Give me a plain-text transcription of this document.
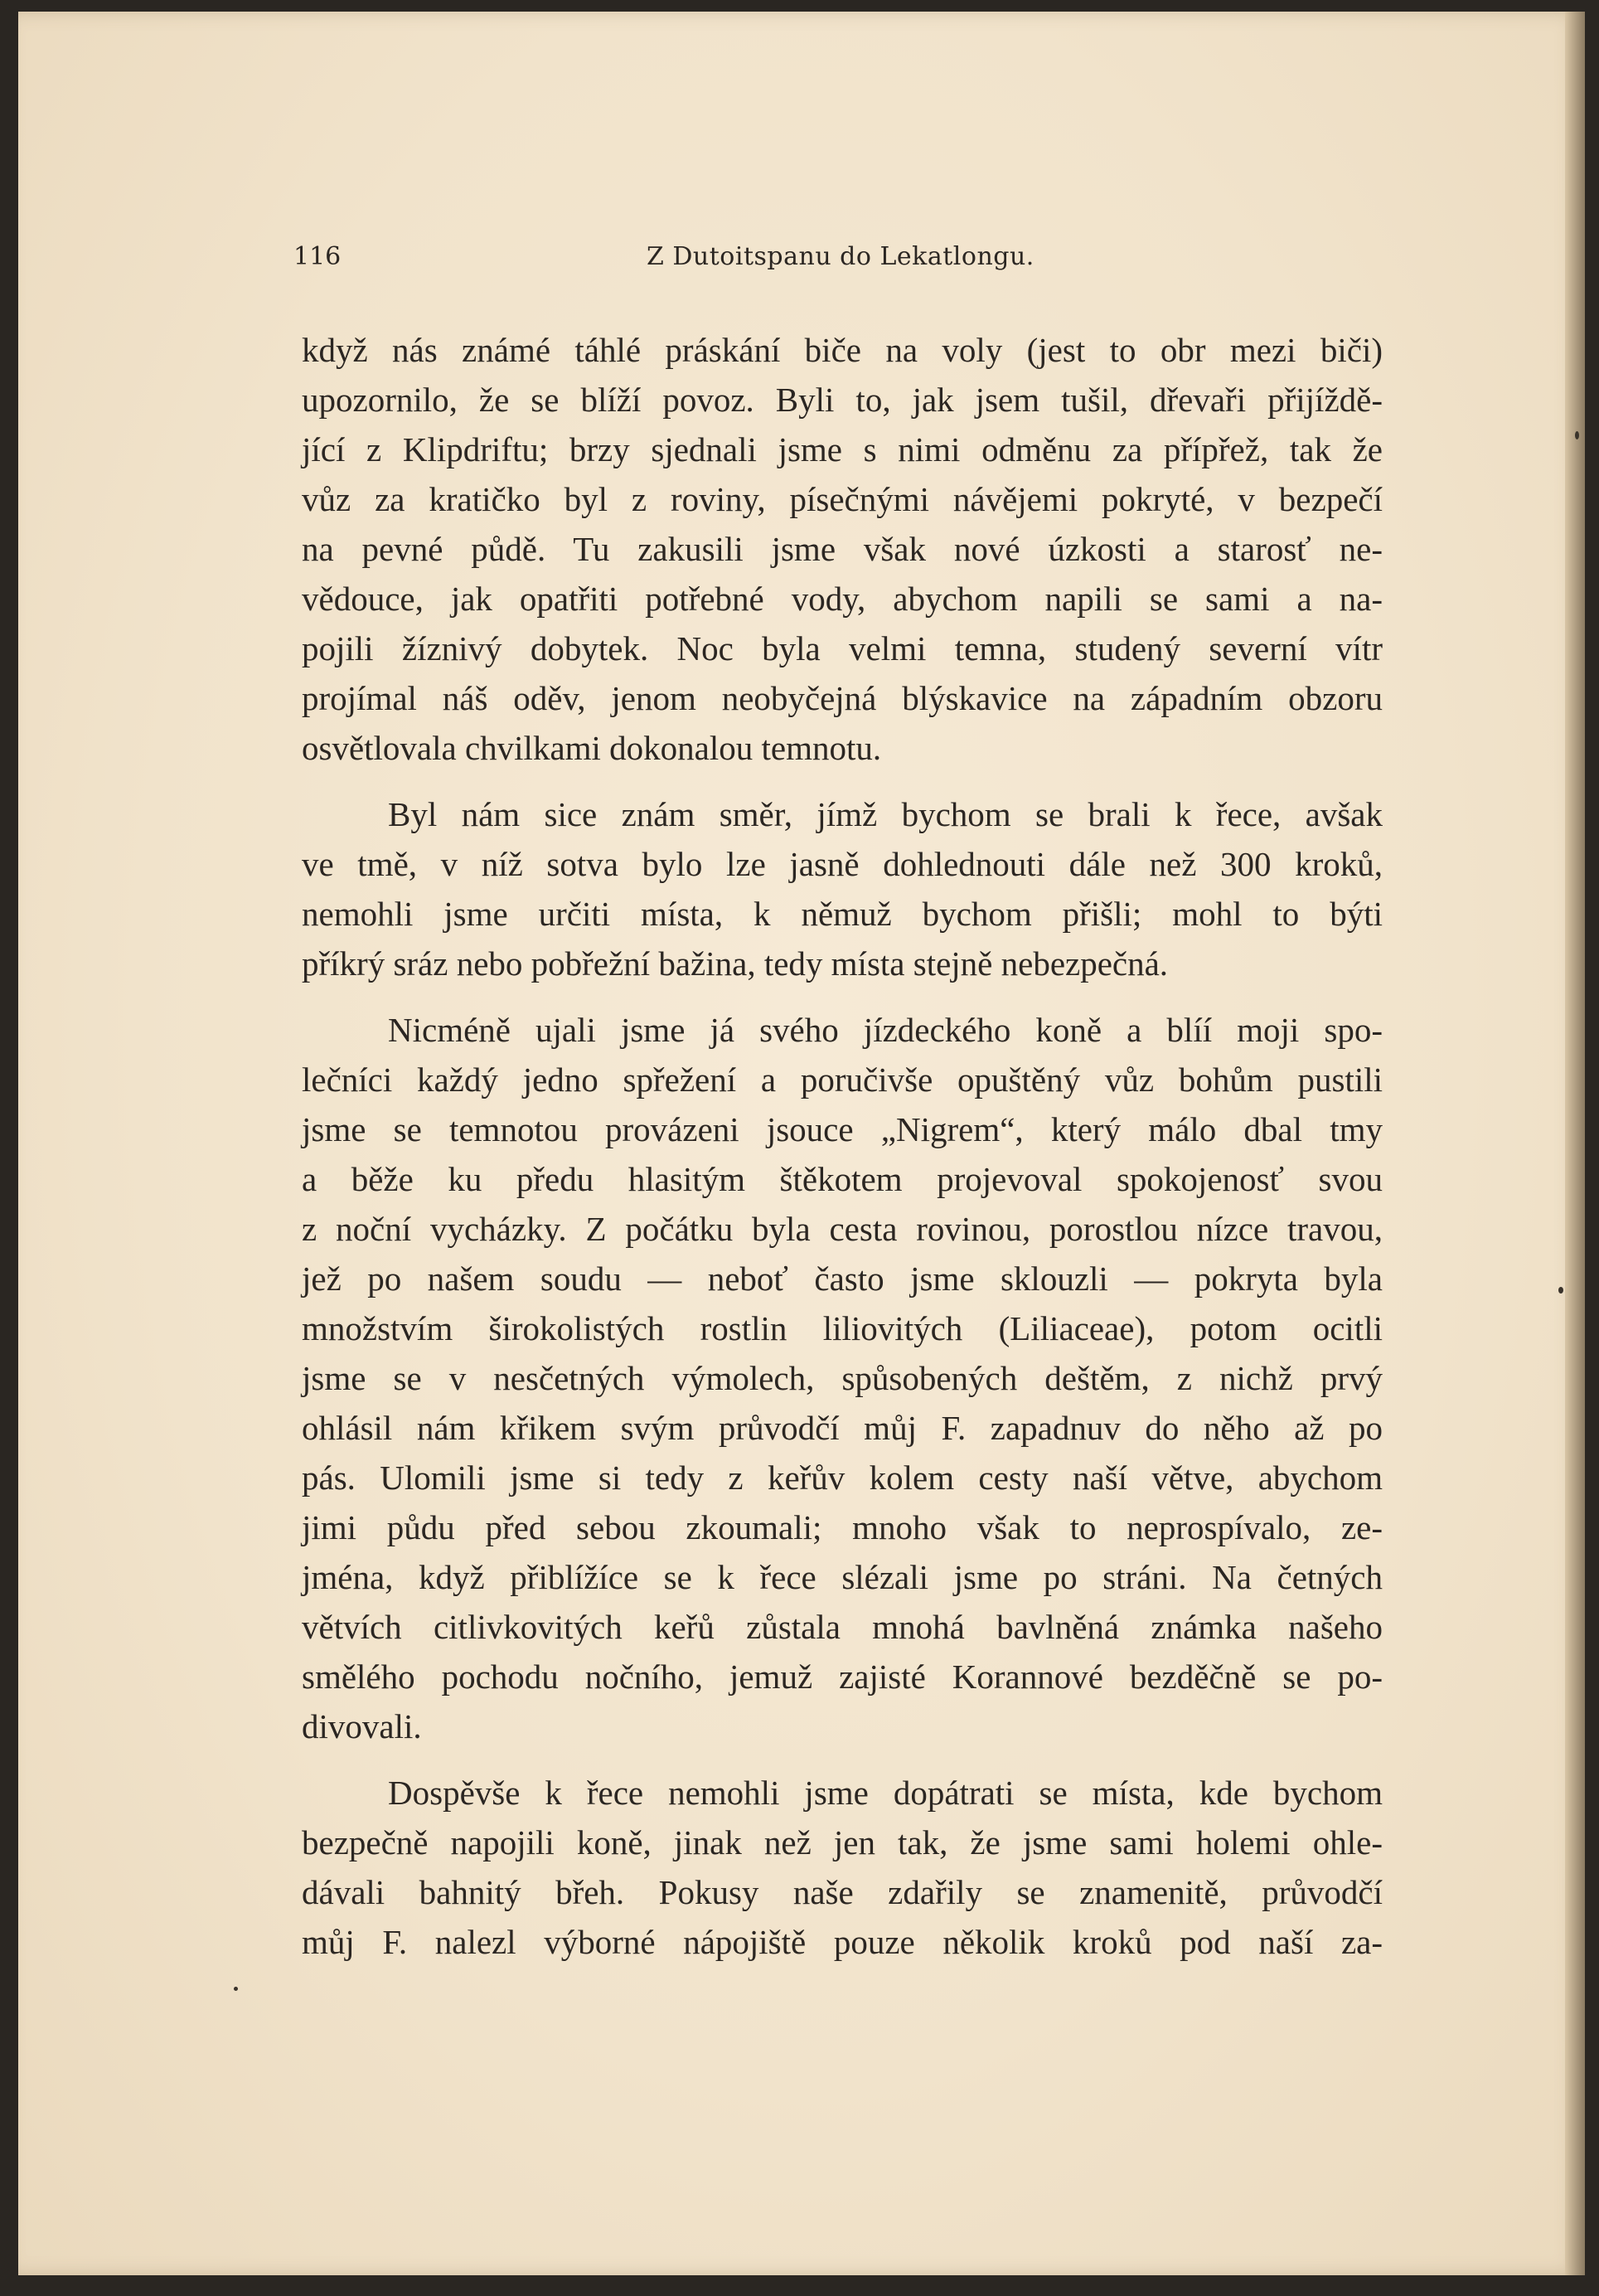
116	Z Dutoitspanu do Lekatlongu.

když nás známé táhlé práskání biče na voly (jest to obr mezi biči)
upozornilo, že se blíží povoz. Byli to, jak jsem tušil, dřevaři přijíždě-
jící z Klipdriftu; brzy sjednali jsme s nimi odměnu za přípřež, tak že
vůz za kratičko byl z roviny, písečnými návějemi pokryté, v bezpečí
na pevné půdě. Tu zakusili jsme však nové úzkosti a starosť ne-
vědouce, jak opatřiti potřebné vody, abychom napili se sami a na-
pojili žíznivý dobytek. Noc byla velmi temna, studený severní vítr
projímal náš oděv, jenom neobyčejná blýskavice na západním obzoru
osvětlovala chvilkami dokonalou temnotu.

Byl nám sice znám směr, jímž bychom se brali k řece, avšak
ve tmě, v níž sotva bylo lze jasně dohlednouti dále než 300 kroků,
nemohli jsme určiti místa, k němuž bychom přišli; mohl to býti
příkrý sráz nebo pobřežní bažina, tedy místa stejně nebezpečná.

Nicméně ujali jsme já svého jízdeckého koně a blíí moji spo-
lečníci každý jedno spřežení a poručivše opuštěný vůz bohům pustili
jsme se temnotou provázeni jsouce „Nigrem“, který málo dbal tmy
a běže ku předu hlasitým štěkotem projevoval spokojenosť svou
z noční vycházky. Z počátku byla cesta rovinou, porostlou nízce travou,
jež po našem soudu — neboť často jsme sklouzli — pokryta byla
množstvím širokolistých rostlin liliovitých (Liliaceae), potom ocitli
jsme se v nesčetných výmolech, spůsobených deštěm, z nichž prvý
ohlásil nám křikem svým průvodčí můj F. zapadnuv do něho až po
pás. Ulomili jsme si tedy z keřův kolem cesty naší větve, abychom
jimi půdu před sebou zkoumali; mnoho však to neprospívalo, ze-
jména, když přiblížíce se k řece slézali jsme po stráni. Na četných
větvích citlivkovitých keřů zůstala mnohá bavlněná známka našeho
smělého pochodu nočního, jemuž zajisté Korannové bezděčně se po-
divovali.

Dospěvše k řece nemohli jsme dopátrati se místa, kde bychom
bezpečně napojili koně, jinak než jen tak, že jsme sami holemi ohle-
dávali bahnitý břeh. Pokusy naše zdařily se znamenitě, průvodčí
můj F. nalezl výborné nápojiště pouze několik kroků pod naší za-
